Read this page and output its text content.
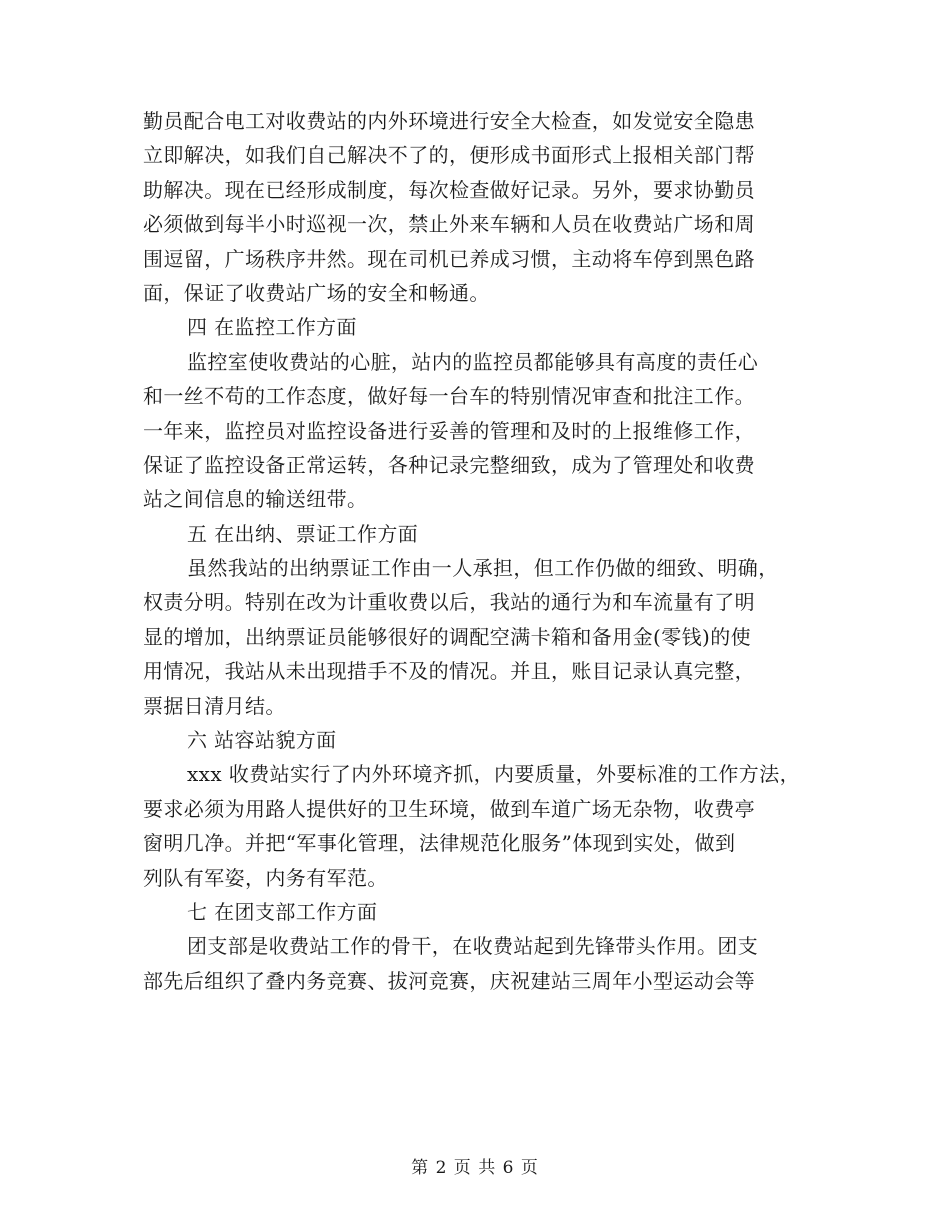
勤员配合电工对收费站的内外环境进行安全大检查，如发觉安全隐患
立即解决，如我们自己解决不了的，便形成书面形式上报相关部门帮
助解决。现在已经形成制度，每次检查做好记录。另外，要求协勤员
必须做到每半小时巡视一次，禁止外来车辆和人员在收费站广场和周
围逗留，广场秩序井然。现在司机已养成习惯，主动将车停到黑色路
面，保证了收费站广场的安全和畅通。
四 在监控工作方面
监控室使收费站的心脏，站内的监控员都能够具有高度的责任心
和一丝不苟的工作态度，做好每一台车的特别情况审查和批注工作。
一年来，监控员对监控设备进行妥善的管理和及时的上报维修工作，
保证了监控设备正常运转，各种记录完整细致，成为了管理处和收费
站之间信息的输送纽带。
五 在出纳、票证工作方面
虽然我站的出纳票证工作由一人承担，但工作仍做的细致、明确，
权责分明。特别在改为计重收费以后，我站的通行为和车流量有了明
显的增加，出纳票证员能够很好的调配空满卡箱和备用金(零钱)的使
用情况，我站从未出现措手不及的情况。并且，账目记录认真完整，
票据日清月结。
六 站容站貌方面
xxx 收费站实行了内外环境齐抓，内要质量，外要标准的工作方法，
要求必须为用路人提供好的卫生环境，做到车道广场无杂物，收费亭
窗明几净。并把“军事化管理，法律规范化服务”体现到实处，做到
列队有军姿，内务有军范。
七 在团支部工作方面
团支部是收费站工作的骨干，在收费站起到先锋带头作用。团支
部先后组织了叠内务竞赛、拔河竞赛，庆祝建站三周年小型运动会等
第 2 页 共 6 页
